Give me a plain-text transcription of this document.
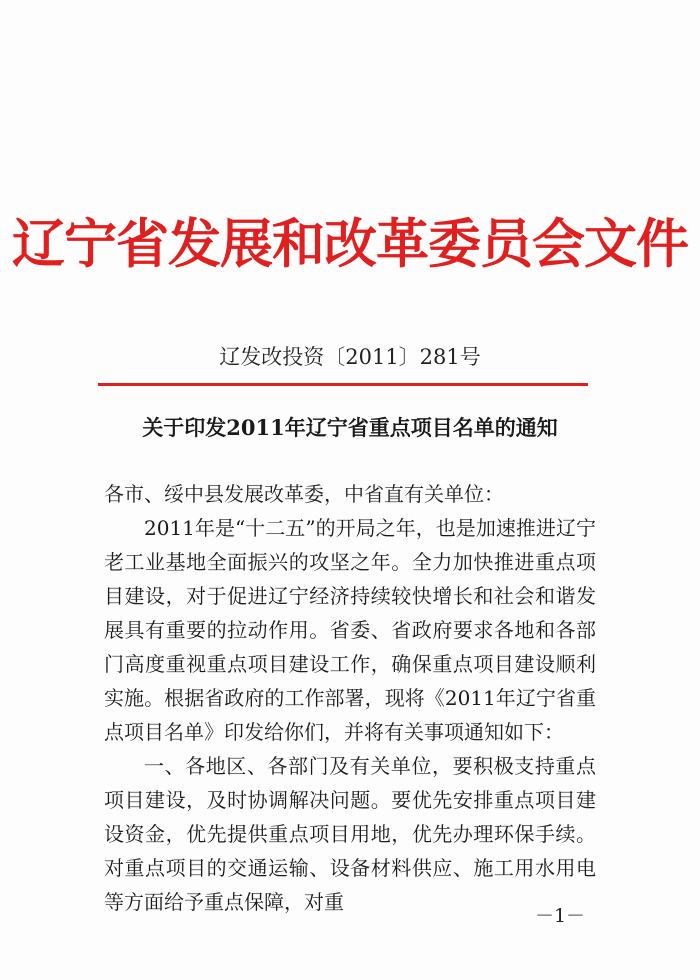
辽宁省发展和改革委员会文件
辽发改投资〔2011〕281号
关于印发2011年辽宁省重点项目名单的通知

各市、绥中县发展改革委，中省直有关单位：

2011年是“十二五”的开局之年，也是加速推进辽宁老工业基地全面振兴的攻坚之年。全力加快推进重点项目建设，对于促进辽宁经济持续较快增长和社会和谐发展具有重要的拉动作用。省委、省政府要求各地和各部门高度重视重点项目建设工作，确保重点项目建设顺利实施。根据省政府的工作部署，现将《2011年辽宁省重点项目名单》印发给你们，并将有关事项通知如下：

一、各地区、各部门及有关单位，要积极支持重点项目建设，及时协调解决问题。要优先安排重点项目建设资金，优先提供重点项目用地，优先办理环保手续。对重点项目的交通运输、设备材料供应、施工用水用电等方面给予重点保障，对重

－1－
